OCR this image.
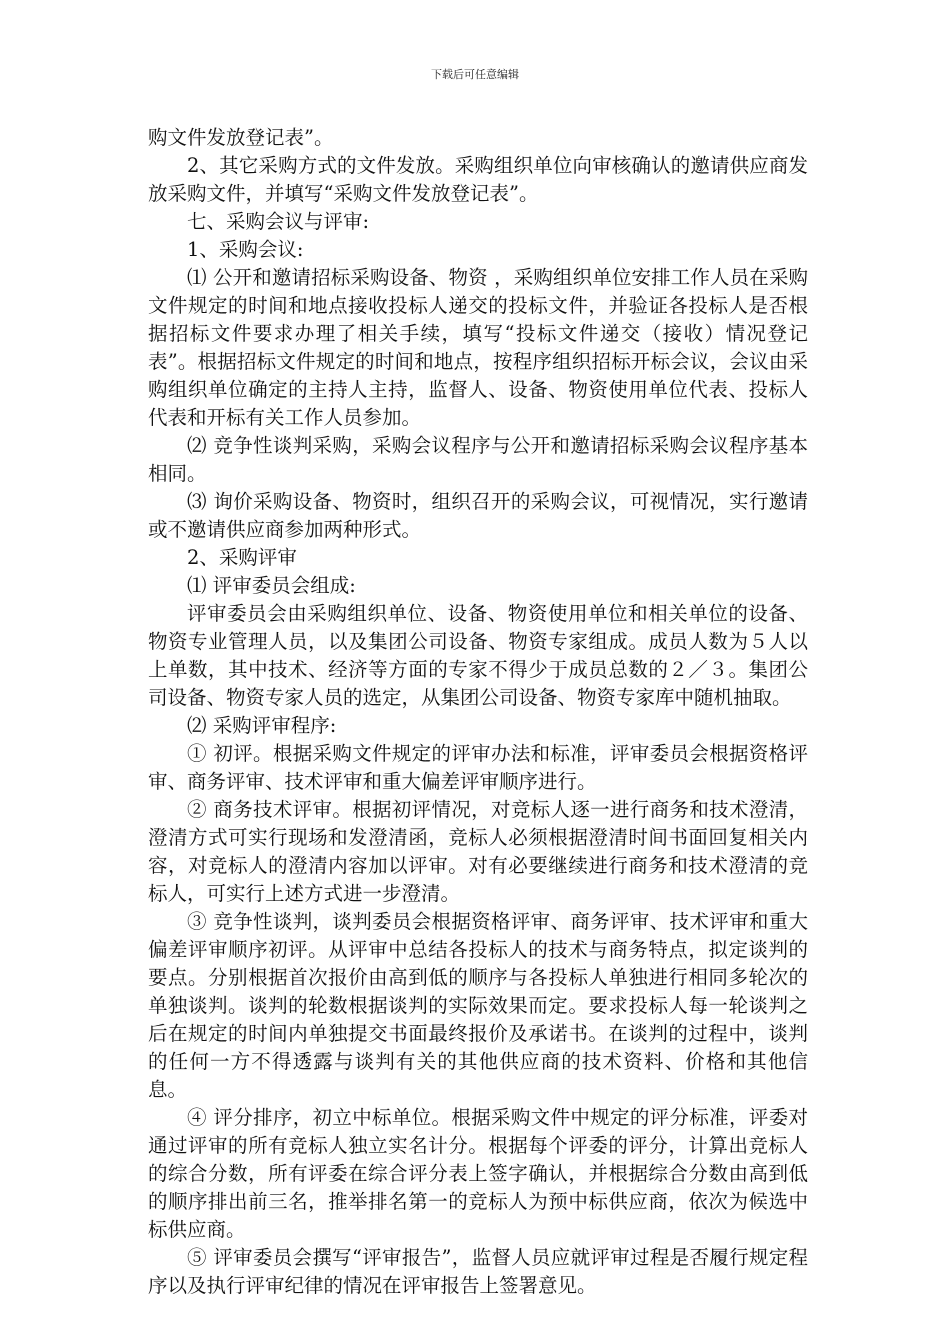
下载后可任意编辑

购文件发放登记表”。

2、其它采购方式的文件发放。采购组织单位向审核确认的邀请供应商发放采购文件，并填写“采购文件发放登记表”。

七、采购会议与评审:

1、采购会议:

⑴ 公开和邀请招标采购设备、物资 ，采购组织单位安排工作人员在采购文件规定的时间和地点接收投标人递交的投标文件，并验证各投标人是否根据招标文件要求办理了相关手续，填写“投标文件递交（接收）情况登记表”。根据招标文件规定的时间和地点，按程序组织招标开标会议，会议由采购组织单位确定的主持人主持，监督人、设备、物资使用单位代表、投标人代表和开标有关工作人员参加。

⑵ 竞争性谈判采购，采购会议程序与公开和邀请招标采购会议程序基本相同。

⑶ 询价采购设备、物资时，组织召开的采购会议，可视情况，实行邀请或不邀请供应商参加两种形式。

2、采购评审

⑴ 评审委员会组成:

评审委员会由采购组织单位、设备、物资使用单位和相关单位的设备、物资专业管理人员，以及集团公司设备、物资专家组成。成员人数为５人以上单数，其中技术、经济等方面的专家不得少于成员总数的２／３。集团公司设备、物资专家人员的选定，从集团公司设备、物资专家库中随机抽取。

⑵ 采购评审程序:

① 初评。根据采购文件规定的评审办法和标准，评审委员会根据资格评审、商务评审、技术评审和重大偏差评审顺序进行。

② 商务技术评审。根据初评情况，对竞标人逐一进行商务和技术澄清，澄清方式可实行现场和发澄清函，竞标人必须根据澄清时间书面回复相关内容，对竞标人的澄清内容加以评审。对有必要继续进行商务和技术澄清的竞标人，可实行上述方式进一步澄清。

③ 竞争性谈判，谈判委员会根据资格评审、商务评审、技术评审和重大偏差评审顺序初评。从评审中总结各投标人的技术与商务特点，拟定谈判的要点。分别根据首次报价由高到低的顺序与各投标人单独进行相同多轮次的单独谈判。谈判的轮数根据谈判的实际效果而定。要求投标人每一轮谈判之后在规定的时间内单独提交书面最终报价及承诺书。在谈判的过程中，谈判的任何一方不得透露与谈判有关的其他供应商的技术资料、价格和其他信息。

④ 评分排序，初立中标单位。根据采购文件中规定的评分标准，评委对通过评审的所有竞标人独立实名计分。根据每个评委的评分，计算出竞标人的综合分数，所有评委在综合评分表上签字确认，并根据综合分数由高到低的顺序排出前三名，推举排名第一的竞标人为预中标供应商，依次为候选中标供应商。

⑤ 评审委员会撰写“评审报告”，监督人员应就评审过程是否履行规定程序以及执行评审纪律的情况在评审报告上签署意见。
